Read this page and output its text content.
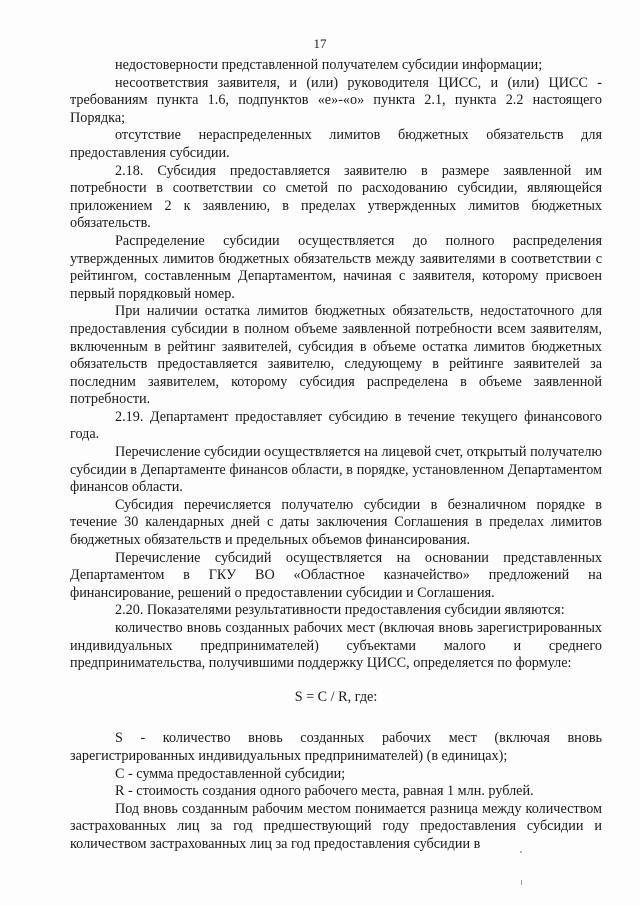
17

недостоверности представленной получателем субсидии информации;

несоответствия заявителя, и (или) руководителя ЦИСС, и (или) ЦИСС - требованиям пункта 1.6, подпунктов «е»-«о» пункта 2.1, пункта 2.2 настоящего Порядка;

отсутствие нераспределенных лимитов бюджетных обязательств для предоставления субсидии.

2.18. Субсидия предоставляется заявителю в размере заявленной им потребности в соответствии со сметой по расходованию субсидии, являющейся приложением 2 к заявлению, в пределах утвержденных лимитов бюджетных обязательств.

Распределение субсидии осуществляется до полного распределения утвержденных лимитов бюджетных обязательств между заявителями в соответствии с рейтингом, составленным Департаментом, начиная с заявителя, которому присвоен первый порядковый номер.

При наличии остатка лимитов бюджетных обязательств, недостаточного для предоставления субсидии в полном объеме заявленной потребности всем заявителям, включенным в рейтинг заявителей, субсидия в объеме остатка лимитов бюджетных обязательств предоставляется заявителю, следующему в рейтинге заявителей за последним заявителем, которому субсидия распределена в объеме заявленной потребности.

2.19. Департамент предоставляет субсидию в течение текущего финансового года.

Перечисление субсидии осуществляется на лицевой счет, открытый получателю субсидии в Департаменте финансов области, в порядке, установленном Департаментом финансов области.

Субсидия перечисляется получателю субсидии в безналичном порядке в течение 30 календарных дней с даты заключения Соглашения в пределах лимитов бюджетных обязательств и предельных объемов финансирования.

Перечисление субсидий осуществляется на основании представленных Департаментом в ГКУ ВО «Областное казначейство» предложений на финансирование, решений о предоставлении субсидии и Соглашения.

2.20. Показателями результативности предоставления субсидии являются:

количество вновь созданных рабочих мест (включая вновь зарегистрированных индивидуальных предпринимателей) субъектами малого и среднего предпринимательства, получившими поддержку ЦИСС, определяется по формуле:

S = C / R, где:

S - количество вновь созданных рабочих мест (включая вновь зарегистрированных индивидуальных предпринимателей) (в единицах);

С - сумма предоставленной субсидии;

R - стоимость создания одного рабочего места, равная 1 млн. рублей.

Под вновь созданным рабочим местом понимается разница между количеством застрахованных лиц за год предшествующий году предоставления субсидии и количеством застрахованных лиц за год предоставления субсидии в
